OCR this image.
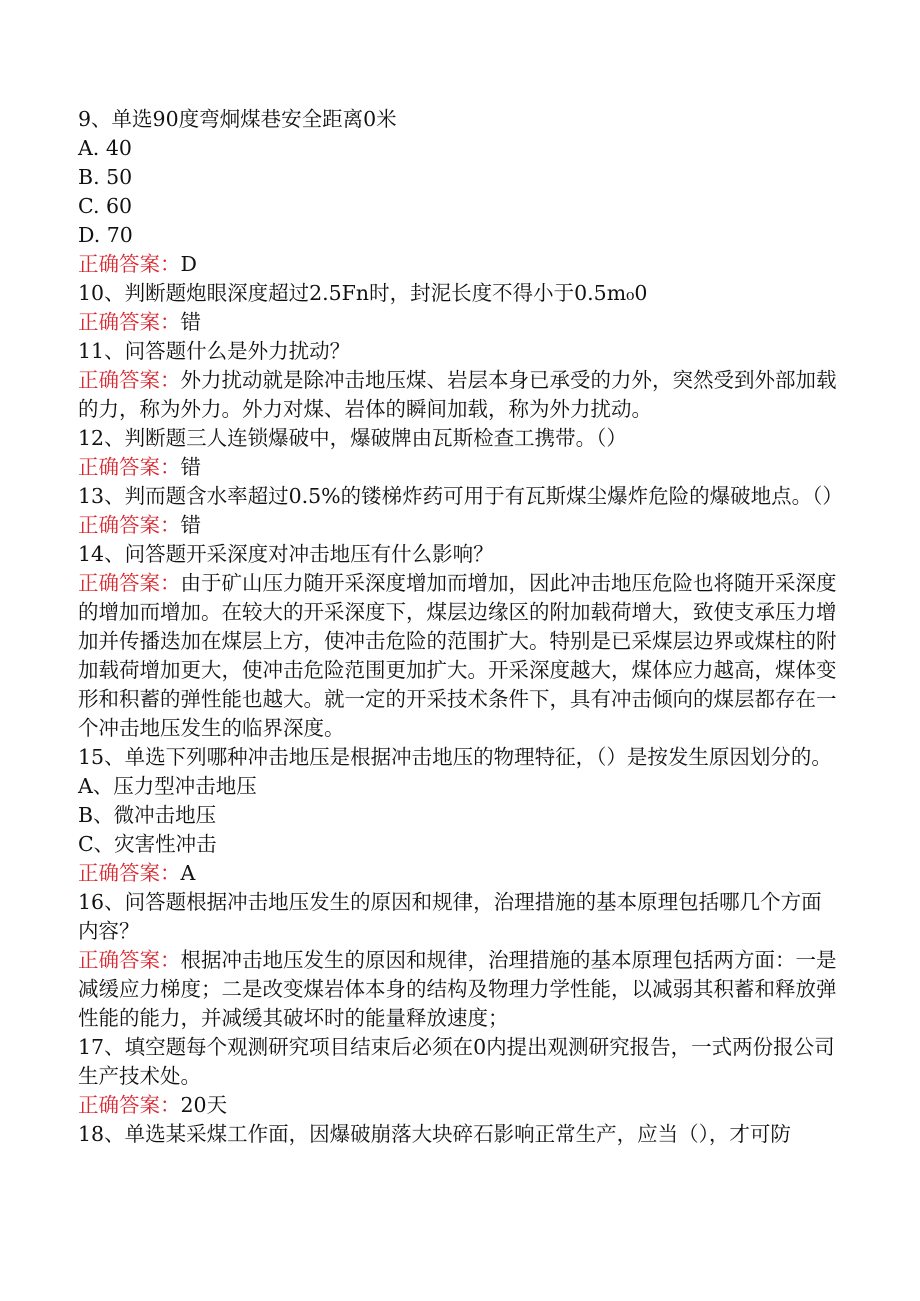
9、单选90度弯炯煤巷安全距离0米
A. 40
B. 50
C. 60
D. 70
正确答案：D
10、判断题炮眼深度超过2.5Fn时，封泥长度不得小于0.5m₀0
正确答案：错
11、问答题什么是外力扰动？
正确答案：外力扰动就是除冲击地压煤、岩层本身已承受的力外，突然受到外部加载的力，称为外力。外力对煤、岩体的瞬间加载，称为外力扰动。
12、判断题三人连锁爆破中，爆破牌由瓦斯检查工携带。（）
正确答案：错
13、判而题含水率超过0.5%的镂梯炸药可用于有瓦斯煤尘爆炸危险的爆破地点。（）
正确答案：错
14、问答题开采深度对冲击地压有什么影响？
正确答案：由于矿山压力随开采深度增加而增加，因此冲击地压危险也将随开采深度的增加而增加。在较大的开采深度下，煤层边缘区的附加载荷增大，致使支承压力增加并传播迭加在煤层上方，使冲击危险的范围扩大。特别是已采煤层边界或煤柱的附加载荷增加更大，使冲击危险范围更加扩大。开采深度越大，煤体应力越高，煤体变形和积蓄的弹性能也越大。就一定的开采技术条件下，具有冲击倾向的煤层都存在一个冲击地压发生的临界深度。
15、单选下列哪种冲击地压是根据冲击地压的物理特征，（）是按发生原因划分的。
A、压力型冲击地压
B、微冲击地压
C、灾害性冲击
正确答案：A
16、问答题根据冲击地压发生的原因和规律，治理措施的基本原理包括哪几个方面内容？
正确答案：根据冲击地压发生的原因和规律，治理措施的基本原理包括两方面：一是减缓应力梯度；二是改变煤岩体本身的结构及物理力学性能，以减弱其积蓄和释放弹性能的能力，并减缓其破坏时的能量释放速度；
17、填空题每个观测研究项目结束后必须在0内提出观测研究报告，一式两份报公司生产技术处。
正确答案：20天
18、单选某采煤工作面，因爆破崩落大块碎石影响正常生产，应当（），才可防
